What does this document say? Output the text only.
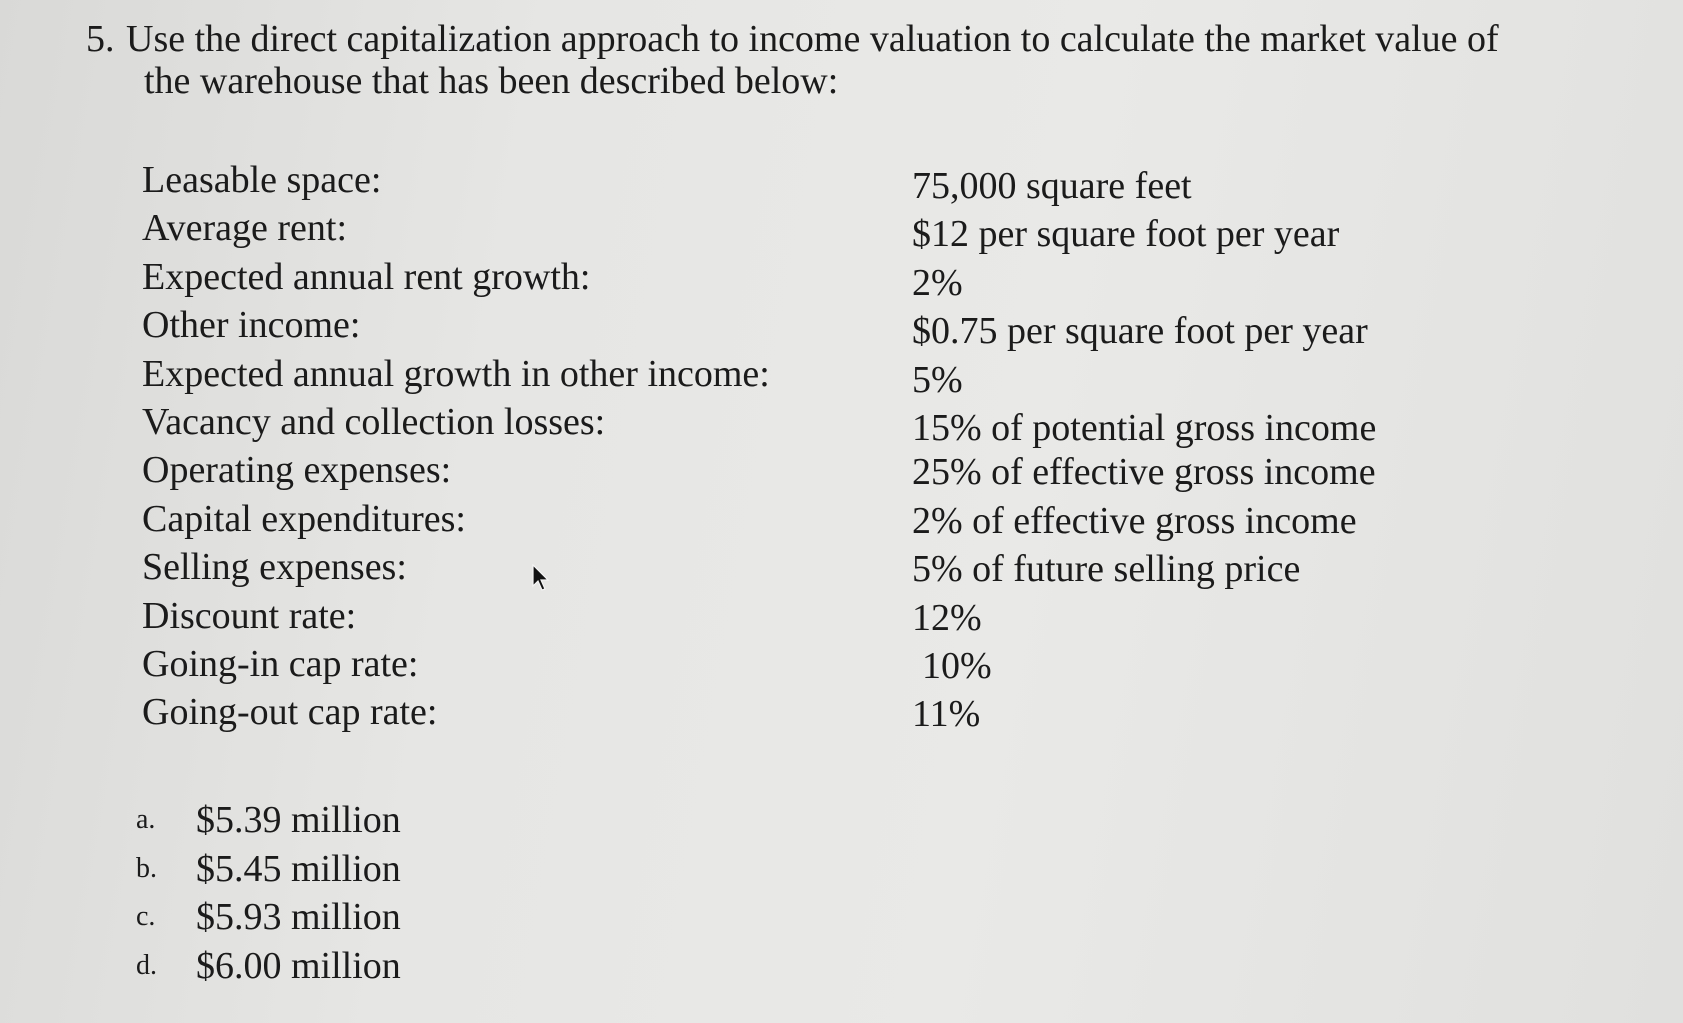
5. Use the direct capitalization approach to income valuation to calculate the market value of
the warehouse that has been described below:
Leasable space:	75,000 square feet
Average rent:	$12 per square foot per year
Expected annual rent growth:	2%
Other income:	$0.75 per square foot per year
Expected annual growth in other income:	5%
Vacancy and collection losses:	15% of potential gross income
Operating expenses:	25% of effective gross income
Capital expenditures:	2% of effective gross income
Selling expenses:	5% of future selling price
Discount rate:	12%
Going-in cap rate:	10%
Going-out cap rate:	11%
a. $5.39 million
b. $5.45 million
c. $5.93 million
d. $6.00 million
